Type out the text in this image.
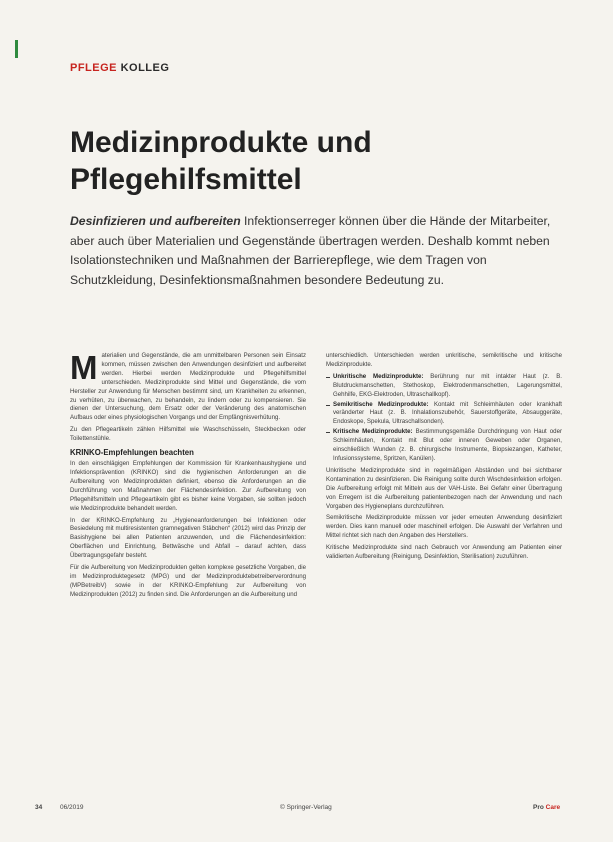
PFLEGE KOLLEG
Medizinprodukte und
Pflegehilfsmittel

Desinfizieren und aufbereiten Infektionserreger können über die Hände der Mitarbeiter, aber auch über Materialien und Gegenstände übertragen werden. Deshalb kommt neben Isolationstechniken und Maßnahmen der Barrierepflege, wie dem Tragen von Schutzkleidung, Desinfektionsmaßnahmen besondere Bedeutung zu.

Materialien und Gegenstände, die am unmittelbaren Personen sein Einsatz kommen, müssen zwischen den Anwendungen desinfiziert und aufbereitet werden. Hierbei werden Medizinprodukte und Pflegehilfsmittel unterschieden. Medizinprodukte sind Mittel und Gegenstände, die vom Hersteller zur Anwendung für Menschen bestimmt sind, um Krankheiten zu erkennen, zu verhüten, zu überwachen, zu behandeln, zu lindern oder zu kompensieren. Sie dienen der Untersuchung, dem Ersatz oder der Veränderung des anatomischen Aufbaus oder eines physiologischen Vorgangs und der Empfängnisverhütung.

Zu den Pflegeartikeln zählen Hilfsmittel wie Waschschüsseln, Steckbecken oder Toilettenstühle.

KRINKO-Empfehlungen beachten

In den einschlägigen Empfehlungen der Kommission für Krankenhaushygiene und Infektionsprävention (KRINKO) sind die hygienischen Anforderungen an die Aufbereitung von Medizinprodukten definiert, ebenso die Anforderungen an die Durchführung von Maßnahmen der Flächendesinfektion. Zur Aufbereitung von Pflegehilfsmitteln und Pflegeartikeln gibt es bisher keine Vorgaben, sie sollten jedoch wie Medizinprodukte behandelt werden.

In der KRINKO-Empfehlung zu „Hygieneanforderungen bei Infektionen oder Besiedelung mit multiresistenten gramnegativen Stäbchen“ (2012) wird das Prinzip der Basishygiene bei allen Patienten anzuwenden, und die Flächendesinfektion: Oberflächen und Einrichtung, Bettwäsche und Abfall – darauf achten, dass Übertragungsgefahr besteht.

Für die Aufbereitung von Medizinprodukten gelten komplexe gesetzliche Vorgaben, die im Medizinproduktegesetz (MPG) und der Medizinproduktebetreiberverordnung (MPBetreibV) sowie in der KRINKO-Empfehlung zur Aufbereitung von Medizinprodukten (2012) zu finden sind. Die Anforderungen an die Aufbereitung und

unterschiedlich. Unterschieden werden unkritische, semikritische und kritische Medizinprodukte.

Unkritische Medizinprodukte: Berührung nur mit intakter Haut (z. B. Blutdruckmanschetten, Stethoskop, Elektrodenmanschetten, Lagerungsmittel, Gehhilfe, EKG-Elektroden, Ultraschallkopf).
Semikritische Medizinprodukte: Kontakt mit Schleimhäuten oder krankhaft veränderter Haut (z. B. Inhalationszubehör, Sauerstoffgeräte, Absauggeräte, Endoskope, Spekula, Ultraschallsonden).
Kritische Medizinprodukte: Bestimmungsgemäße Durchdringung von Haut oder Schleimhäuten, Kontakt mit Blut oder inneren Geweben oder Organen, einschließlich Wunden (z. B. chirurgische Instrumente, Biopsiezangen, Katheter, Infusionssysteme, Spritzen, Kanülen).

Unkritische Medizinprodukte sind in regelmäßigen Abständen und bei sichtbarer Kontamination zu desinfizieren. Die Reinigung sollte durch Wischdesinfektion erfolgen. Die Aufbereitung erfolgt mit Mitteln aus der VAH-Liste. Bei Gefahr einer Übertragung von Erregern ist die Aufbereitung patientenbezogen nach der Anwendung und nach Vorgaben des Hygieneplans durchzuführen.

Semikritische Medizinprodukte müssen vor jeder erneuten Anwendung desinfiziert werden. Dies kann manuell oder maschinell erfolgen. Die Auswahl der Verfahren und Mittel richtet sich nach den Angaben des Herstellers.

Kritische Medizinprodukte sind nach Gebrauch vor Anwendung am Patienten einer validierten Aufbereitung (Reinigung, Desinfektion, Sterilisation) zuzuführen.

34	06/2019	© Springer-Verlag	Pro Care
